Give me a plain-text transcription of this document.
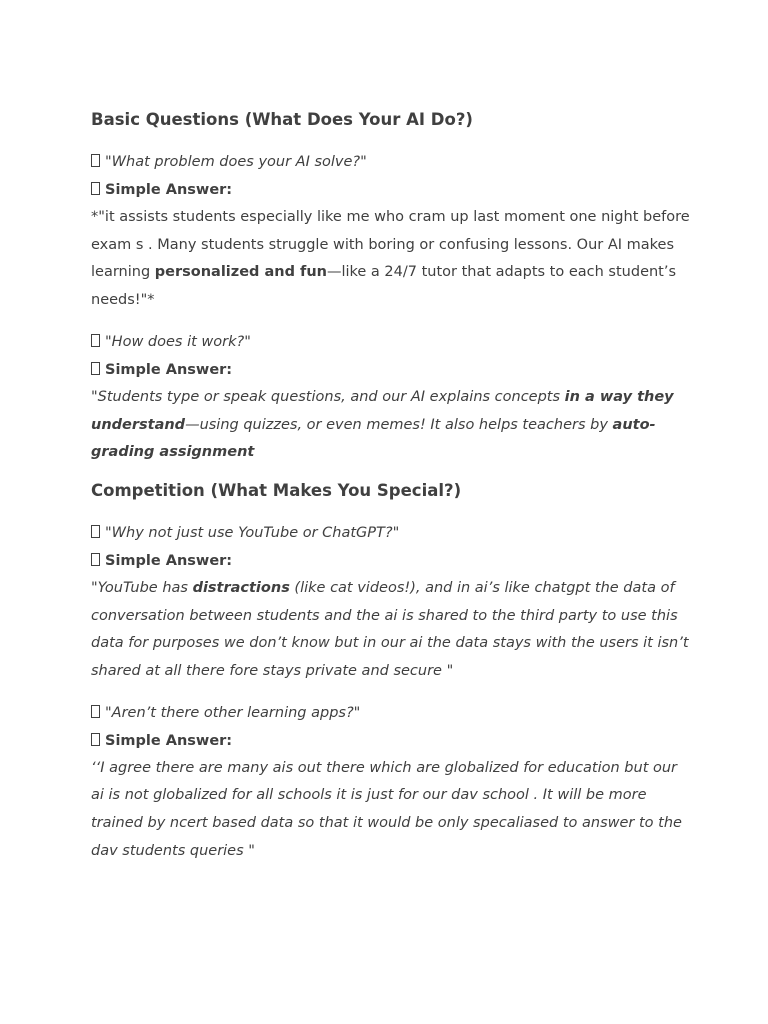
Basic Questions (What Does Your AI Do?)

"What problem does your AI solve?"

Simple Answer:

*"it assists students especially like me who cram up last moment one night before exam s . Many students struggle with boring or confusing lessons. Our AI makes learning personalized and fun—like a 24/7 tutor that adapts to each student’s needs!"*

"How does it work?"

Simple Answer:

"Students type or speak questions, and our AI explains concepts in a way they understand—using quizzes, or even memes! It also helps teachers by auto-grading assignment

Competition (What Makes You Special?)

"Why not just use YouTube or ChatGPT?"

Simple Answer:

"YouTube has distractions (like cat videos!), and in ai’s like chatgpt the data of conversation between students and the ai is shared to the third party to use this data for purposes we don’t know but in our ai the data stays with the users it isn’t shared at all there fore stays private and secure "

"Aren’t there other learning apps?"

Simple Answer:

‘‘I agree there are many ais out there which are globalized for education but our ai is not globalized for all schools it is just for our dav school . It will be more trained by ncert based data so that it would be only specaliased to answer to the dav students queries "
